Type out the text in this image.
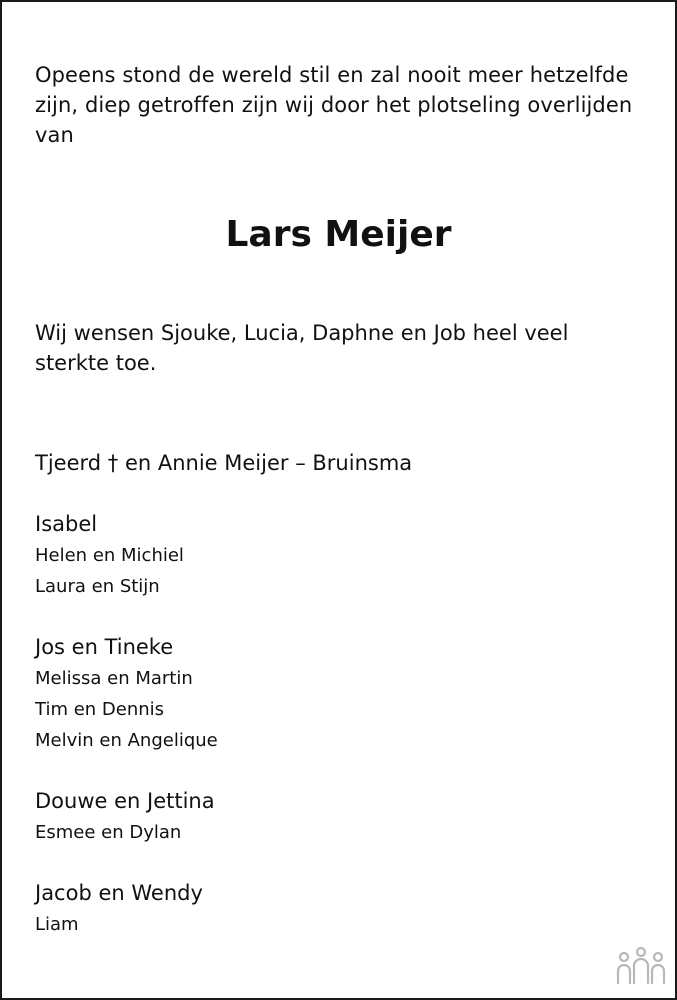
Opeens stond de wereld stil en zal nooit meer hetzelfde zijn, diep getroffen zijn wij door het plotseling overlijden van
Lars Meijer
Wij wensen Sjouke, Lucia, Daphne en Job heel veel sterkte toe.
Tjeerd † en Annie Meijer – Bruinsma
Isabel
Helen en Michiel
Laura en Stijn
Jos en Tineke
Melissa en Martin
Tim en Dennis
Melvin en Angelique
Douwe en Jettina
Esmee en Dylan
Jacob en Wendy
Liam
